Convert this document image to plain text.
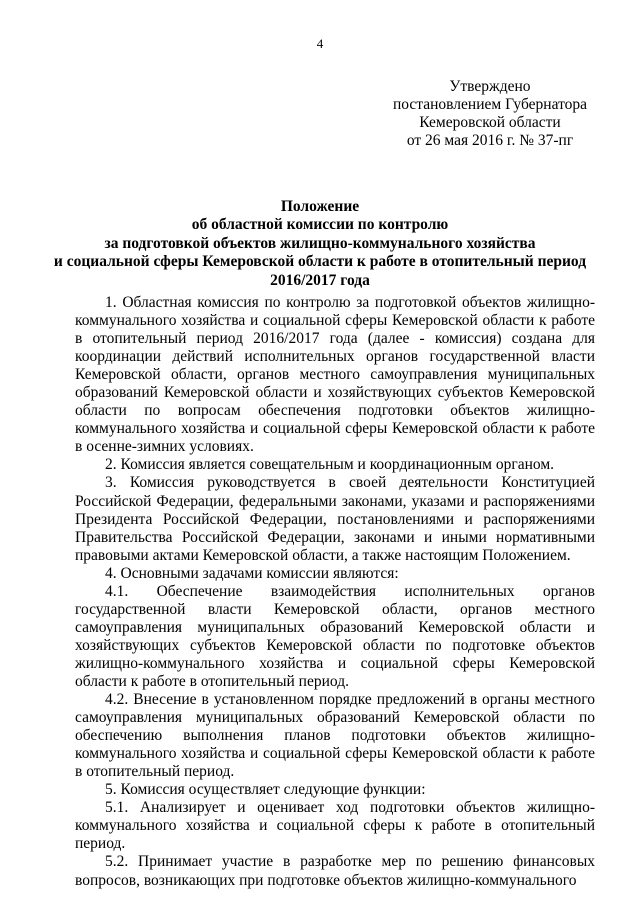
4
Утверждено
постановлением Губернатора
Кемеровской области
от 26 мая 2016 г. № 37-пг
Положение
об областной комиссии по контролю
за подготовкой объектов жилищно-коммунального хозяйства
и социальной сферы Кемеровской области к работе в отопительный период
2016/2017 года

1. Областная комиссия по контролю за подготовкой объектов жилищно-коммунального хозяйства и социальной сферы Кемеровской области к работе в отопительный период 2016/2017 года (далее - комиссия) создана для координации действий исполнительных органов государственной власти Кемеровской области, органов местного самоуправления муниципальных образований Кемеровской области и хозяйствующих субъектов Кемеровской области по вопросам обеспечения подготовки объектов жилищно-коммунального хозяйства и социальной сферы Кемеровской области к работе в осенне-зимних условиях.

2. Комиссия является совещательным и координационным органом.

3. Комиссия руководствуется в своей деятельности Конституцией Российской Федерации, федеральными законами, указами и распоряжениями Президента Российской Федерации, постановлениями и распоряжениями Правительства Российской Федерации, законами и иными нормативными правовыми актами Кемеровской области, а также настоящим Положением.

4. Основными задачами комиссии являются:

4.1. Обеспечение взаимодействия исполнительных органов государственной власти Кемеровской области, органов местного самоуправления муниципальных образований Кемеровской области и хозяйствующих субъектов Кемеровской области по подготовке объектов жилищно-коммунального хозяйства и социальной сферы Кемеровской области к работе в отопительный период.

4.2. Внесение в установленном порядке предложений в органы местного самоуправления муниципальных образований Кемеровской области по обеспечению выполнения планов подготовки объектов жилищно-коммунального хозяйства и социальной сферы Кемеровской области к работе в отопительный период.

5. Комиссия осуществляет следующие функции:

5.1. Анализирует и оценивает ход подготовки объектов жилищно-коммунального хозяйства и социальной сферы к работе в отопительный период.

5.2. Принимает участие в разработке мер по решению финансовых вопросов, возникающих при подготовке объектов жилищно-коммунального
